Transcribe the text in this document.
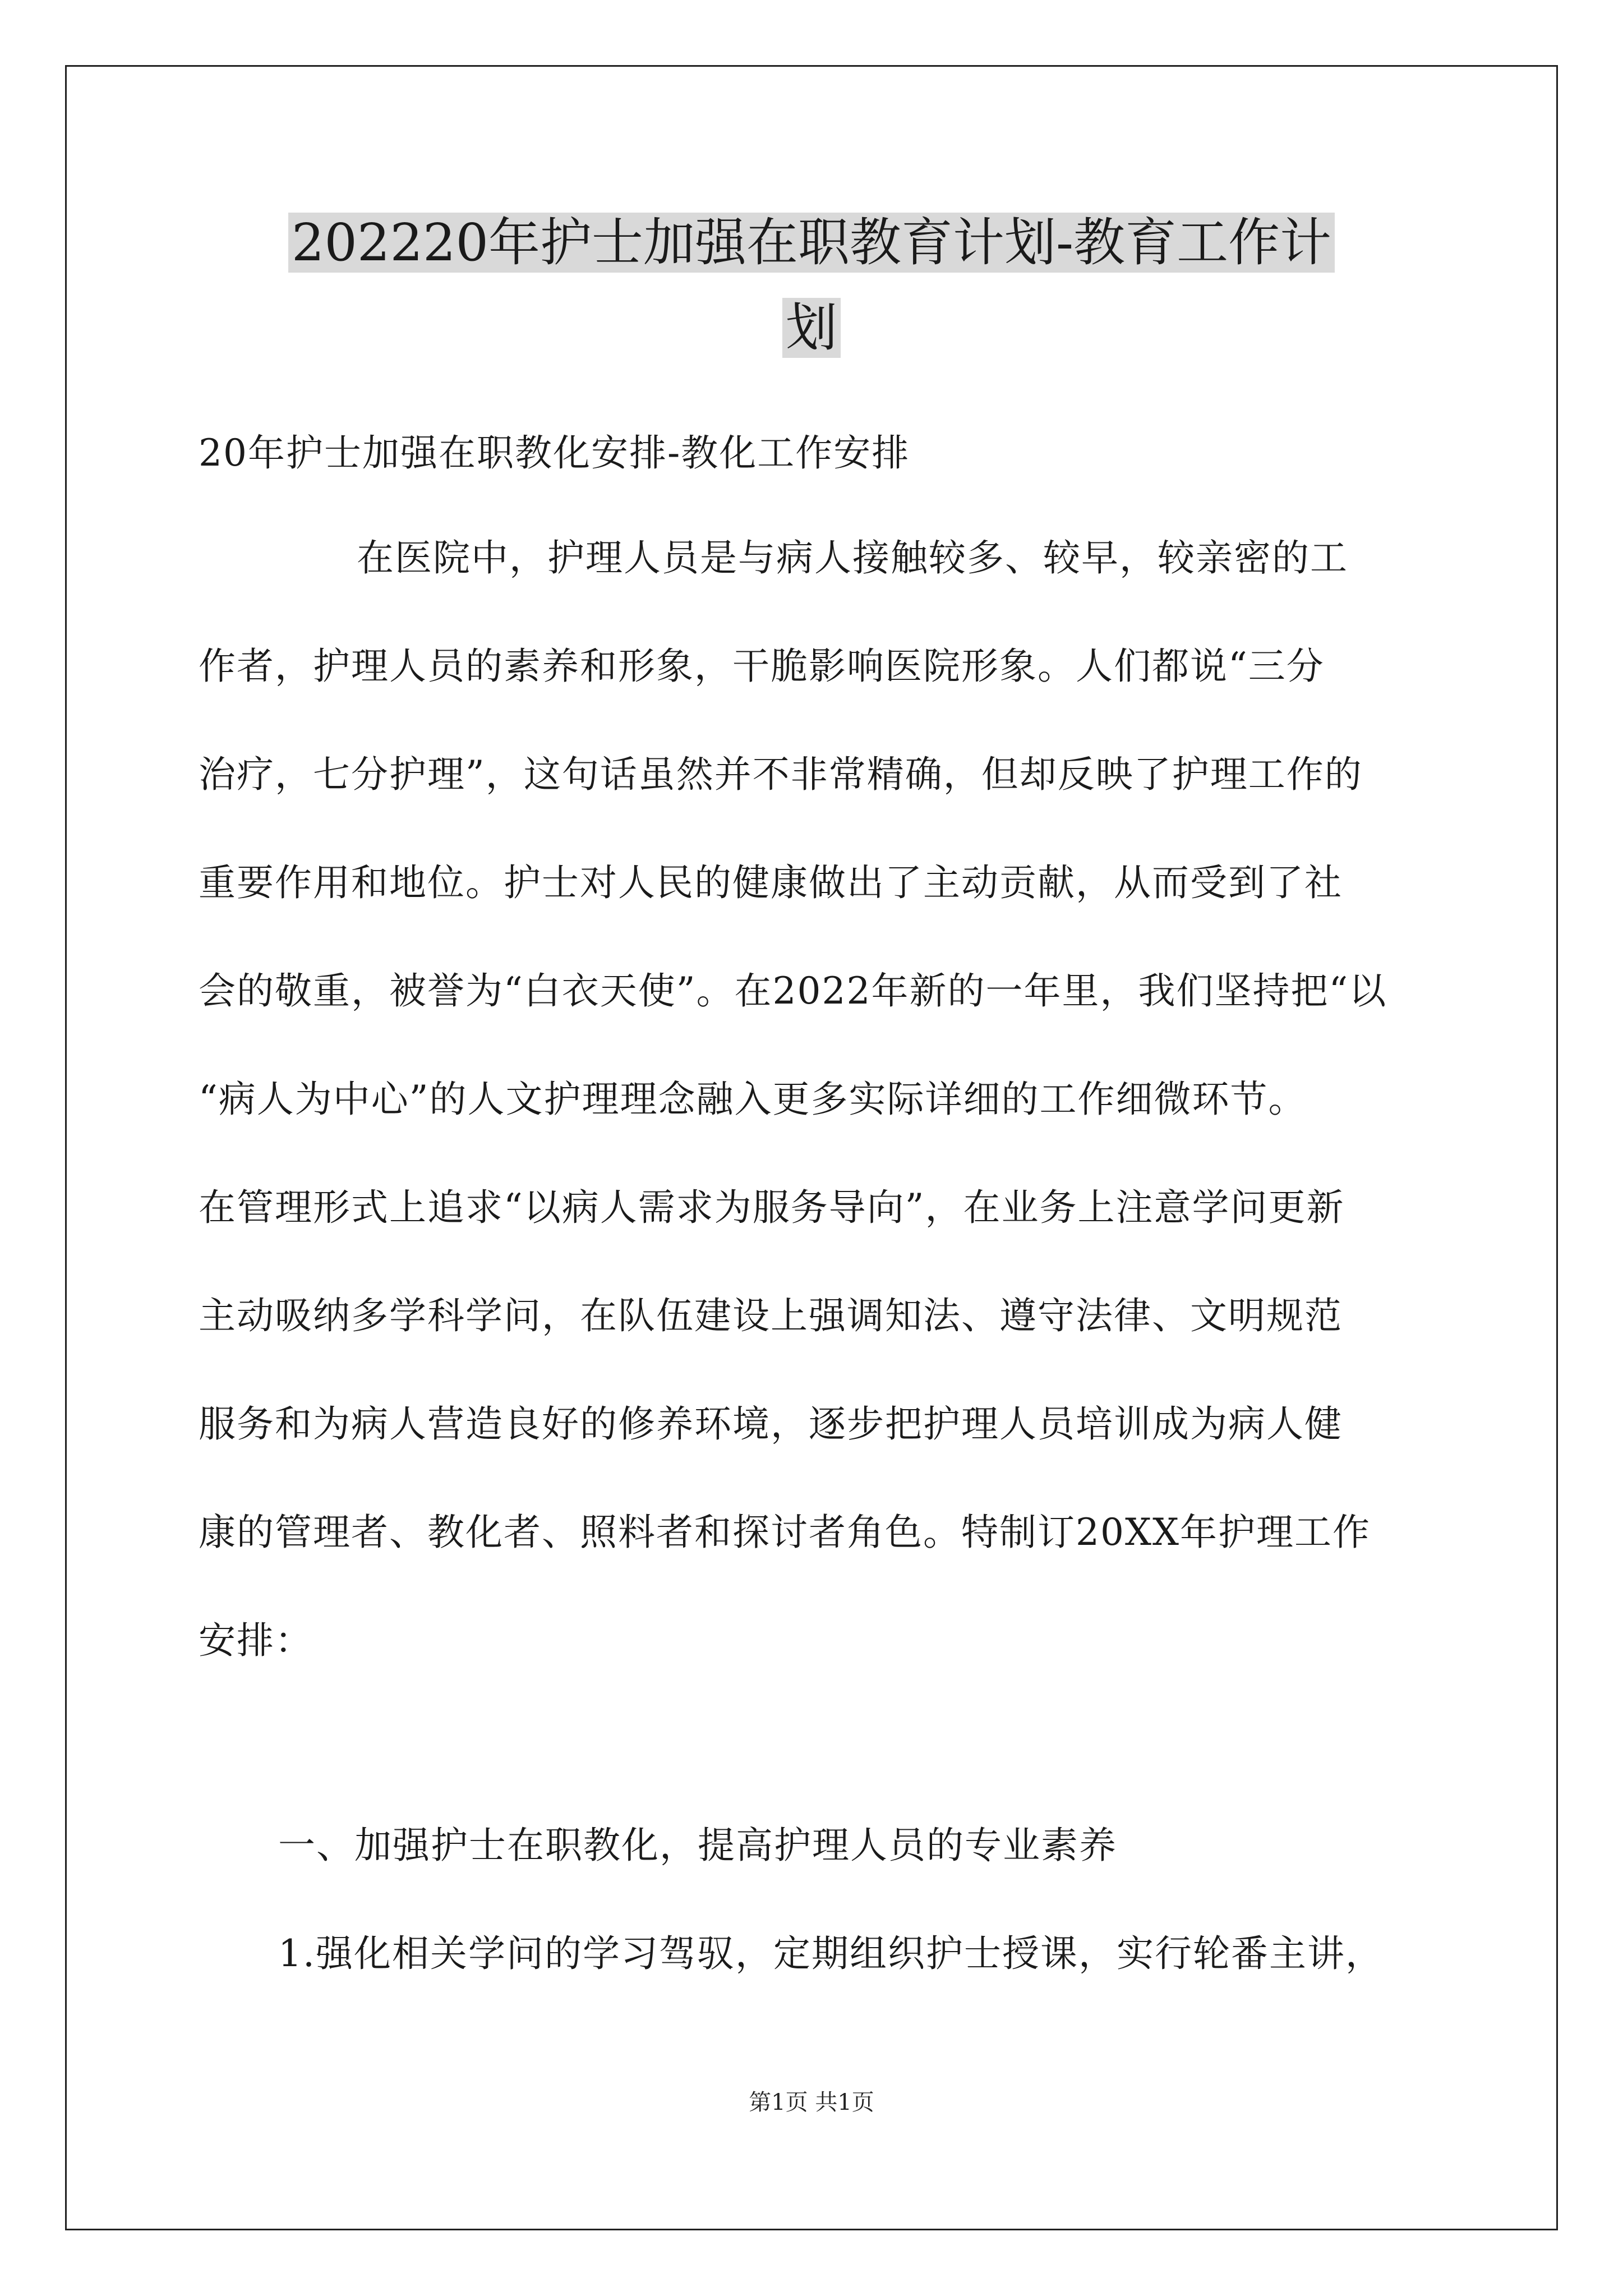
202220年护士加强在职教育计划-教育工作计
划
20年护士加强在职教化安排-教化工作安排
在医院中，护理人员是与病人接触较多、较早，较亲密的工
作者，护理人员的素养和形象，干脆影响医院形象。人们都说“三分
治疗，七分护理”，这句话虽然并不非常精确，但却反映了护理工作的
重要作用和地位。护士对人民的健康做出了主动贡献，从而受到了社
会的敬重，被誉为“白衣天使”。在2022年新的一年里，我们坚持把“以
“病人为中心”的人文护理理念融入更多实际详细的工作细微环节。
在管理形式上追求“以病人需求为服务导向”，在业务上注意学问更新
主动吸纳多学科学问，在队伍建设上强调知法、遵守法律、文明规范
服务和为病人营造良好的修养环境，逐步把护理人员培训成为病人健
康的管理者、教化者、照料者和探讨者角色。特制订20XX年护理工作
安排：
一、加强护士在职教化，提高护理人员的专业素养
1.强化相关学问的学习驾驭，定期组织护士授课，实行轮番主讲，
第1页 共1页
